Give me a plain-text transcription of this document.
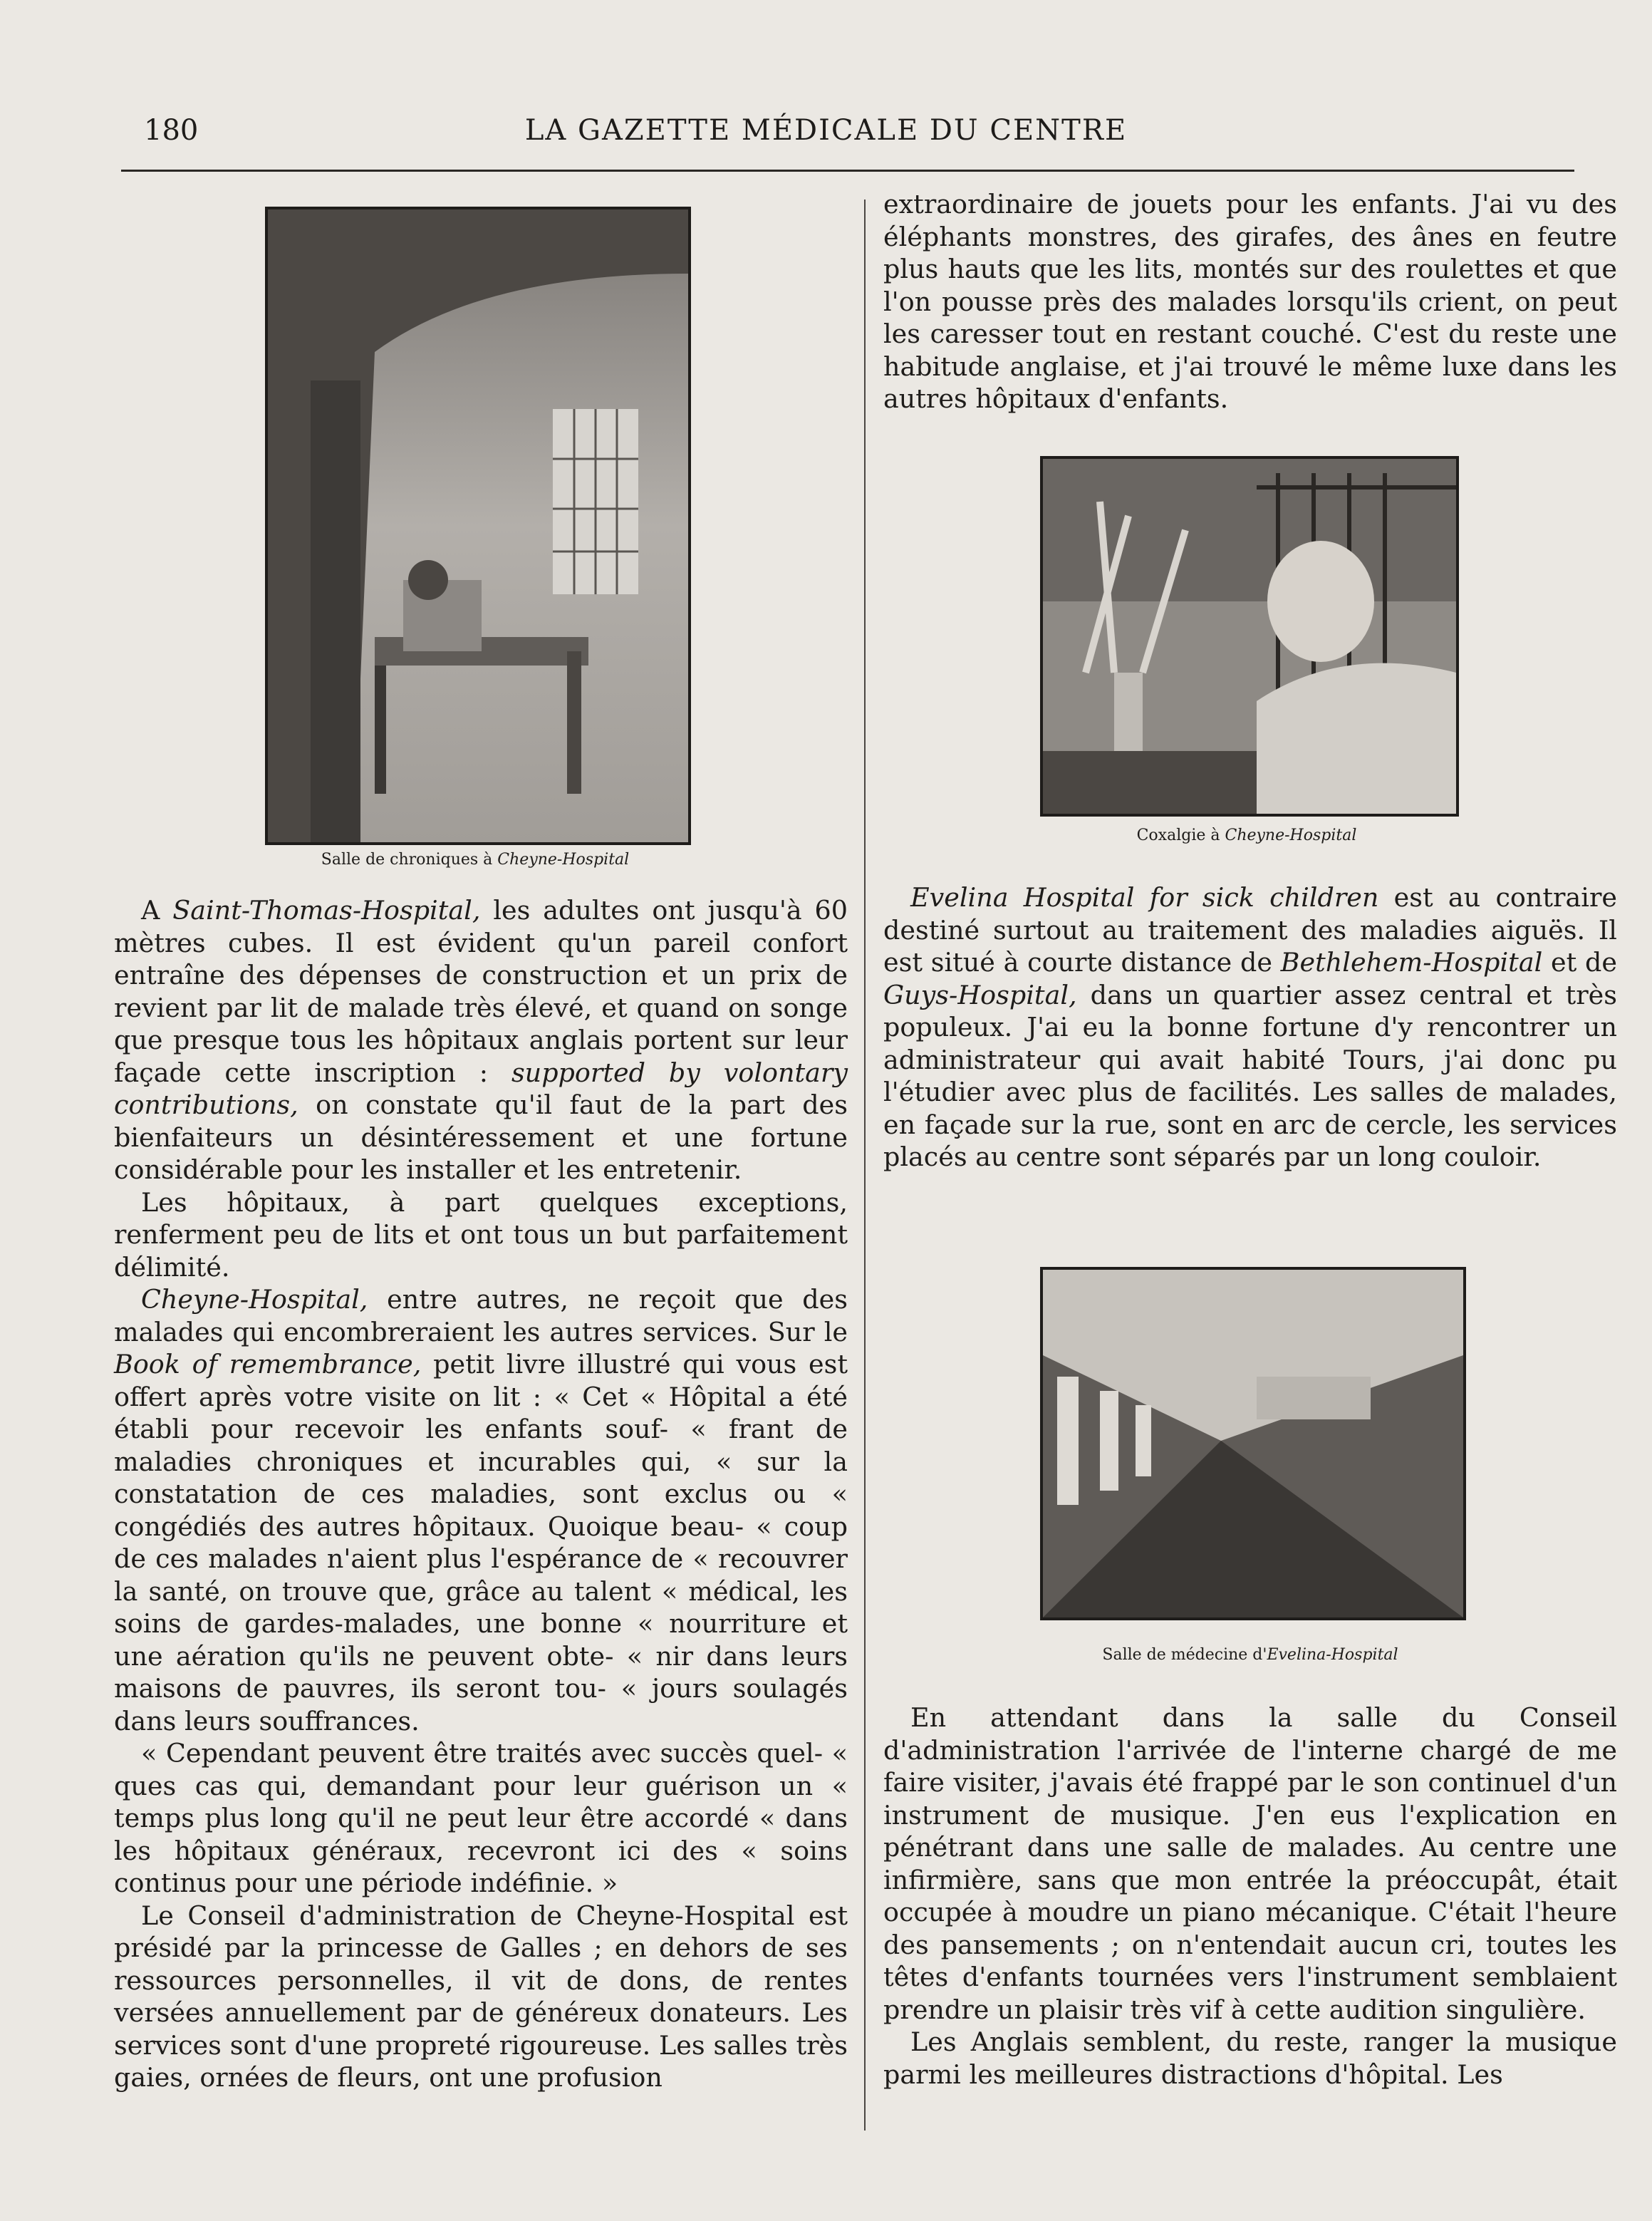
180	LA GAZETTE MÉDICALE DU CENTRE
Salle de chroniques à Cheyne-Hospital
Coxalgie à Cheyne-Hospital
Salle de médecine d'Evelina-Hospital

A Saint-Thomas-Hospital, les adultes ont jusqu'à 60 mètres cubes. Il est évident qu'un pareil confort entraîne des dépenses de construction et un prix de revient par lit de malade très élevé, et quand on songe que presque tous les hôpitaux anglais portent sur leur façade cette inscription : supported by volontary contributions, on constate qu'il faut de la part des bienfaiteurs un désintéressement et une fortune considérable pour les installer et les entretenir.

Les hôpitaux, à part quelques exceptions, renferment peu de lits et ont tous un but parfaitement délimité.

Cheyne-Hospital, entre autres, ne reçoit que des malades qui encombreraient les autres services. Sur le Book of remembrance, petit livre illustré qui vous est offert après votre visite on lit : « Cet « Hôpital a été établi pour recevoir les enfants souf- « frant de maladies chroniques et incurables qui, « sur la constatation de ces maladies, sont exclus ou « congédiés des autres hôpitaux. Quoique beau- « coup de ces malades n'aient plus l'espérance de « recouvrer la santé, on trouve que, grâce au talent « médical, les soins de gardes-malades, une bonne « nourriture et une aération qu'ils ne peuvent obte- « nir dans leurs maisons de pauvres, ils seront tou- « jours soulagés dans leurs souffrances.

« Cependant peuvent être traités avec succès quel- « ques cas qui, demandant pour leur guérison un « temps plus long qu'il ne peut leur être accordé « dans les hôpitaux généraux, recevront ici des « soins continus pour une période indéfinie. »

Le Conseil d'administration de Cheyne-Hospital est présidé par la princesse de Galles ; en dehors de ses ressources personnelles, il vit de dons, de rentes versées annuellement par de généreux donateurs. Les services sont d'une propreté rigoureuse. Les salles très gaies, ornées de fleurs, ont une profusion

extraordinaire de jouets pour les enfants. J'ai vu des éléphants monstres, des girafes, des ânes en feutre plus hauts que les lits, montés sur des roulettes et que l'on pousse près des malades lorsqu'ils crient, on peut les caresser tout en restant couché. C'est du reste une habitude anglaise, et j'ai trouvé le même luxe dans les autres hôpitaux d'enfants.

Evelina Hospital for sick children est au contraire destiné surtout au traitement des maladies aiguës. Il est situé à courte distance de Bethlehem-Hospital et de Guys-Hospital, dans un quartier assez central et très populeux. J'ai eu la bonne fortune d'y rencontrer un administrateur qui avait habité Tours, j'ai donc pu l'étudier avec plus de facilités. Les salles de malades, en façade sur la rue, sont en arc de cercle, les services placés au centre sont séparés par un long couloir.

En attendant dans la salle du Conseil d'administration l'arrivée de l'interne chargé de me faire visiter, j'avais été frappé par le son continuel d'un instrument de musique. J'en eus l'explication en pénétrant dans une salle de malades. Au centre une infirmière, sans que mon entrée la préoccupât, était occupée à moudre un piano mécanique. C'était l'heure des pansements ; on n'entendait aucun cri, toutes les têtes d'enfants tournées vers l'instrument semblaient prendre un plaisir très vif à cette audition singulière.

Les Anglais semblent, du reste, ranger la musique parmi les meilleures distractions d'hôpital. Les
